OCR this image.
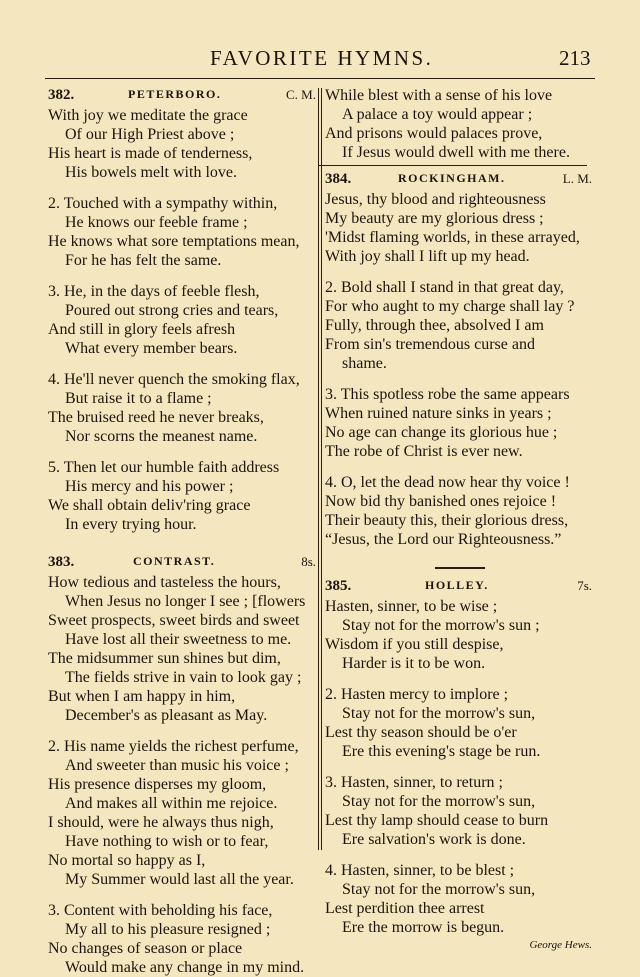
FAVORITE HYMNS.	213
382.	PETERBORO.	C. M.
With joy we meditate the grace
Of our High Priest above ;
His heart is made of tenderness,
His bowels melt with love.
2. Touched with a sympathy within,
He knows our feeble frame ;
He knows what sore temptations mean,
For he has felt the same.
3. He, in the days of feeble flesh,
Poured out strong cries and tears,
And still in glory feels afresh
What every member bears.
4. He'll never quench the smoking flax,
But raise it to a flame ;
The bruised reed he never breaks,
Nor scorns the meanest name.
5. Then let our humble faith address
His mercy and his power ;
We shall obtain deliv'ring grace
In every trying hour.
383.	CONTRAST.	8s.
How tedious and tasteless the hours,
When Jesus no longer I see ; [flowers
Sweet prospects, sweet birds and sweet
Have lost all their sweetness to me.
The midsummer sun shines but dim,
The fields strive in vain to look gay ;
But when I am happy in him,
December's as pleasant as May.
2. His name yields the richest perfume,
And sweeter than music his voice ;
His presence disperses my gloom,
And makes all within me rejoice.
I should, were he always thus nigh,
Have nothing to wish or to fear,
No mortal so happy as I,
My Summer would last all the year.
3. Content with beholding his face,
My all to his pleasure resigned ;
No changes of season or place
Would make any change in my mind.
While blest with a sense of his love
A palace a toy would appear ;
And prisons would palaces prove,
If Jesus would dwell with me there.
384.	ROCKINGHAM.	L. M.
Jesus, thy blood and righteousness
My beauty are my glorious dress ;
'Midst flaming worlds, in these arrayed,
With joy shall I lift up my head.
2. Bold shall I stand in that great day,
For who aught to my charge shall lay ?
Fully, through thee, absolved I am
From sin's tremendous curse and
shame.
3. This spotless robe the same appears
When ruined nature sinks in years ;
No age can change its glorious hue ;
The robe of Christ is ever new.
4. O, let the dead now hear thy voice !
Now bid thy banished ones rejoice !
Their beauty this, their glorious dress,
“Jesus, the Lord our Righteousness.”
385.	HOLLEY.	7s.
Hasten, sinner, to be wise ;
Stay not for the morrow's sun ;
Wisdom if you still despise,
Harder is it to be won.
2. Hasten mercy to implore ;
Stay not for the morrow's sun,
Lest thy season should be o'er
Ere this evening's stage be run.
3. Hasten, sinner, to return ;
Stay not for the morrow's sun,
Lest thy lamp should cease to burn
Ere salvation's work is done.
4. Hasten, sinner, to be blest ;
Stay not for the morrow's sun,
Lest perdition thee arrest
Ere the morrow is begun.
George Hews.
